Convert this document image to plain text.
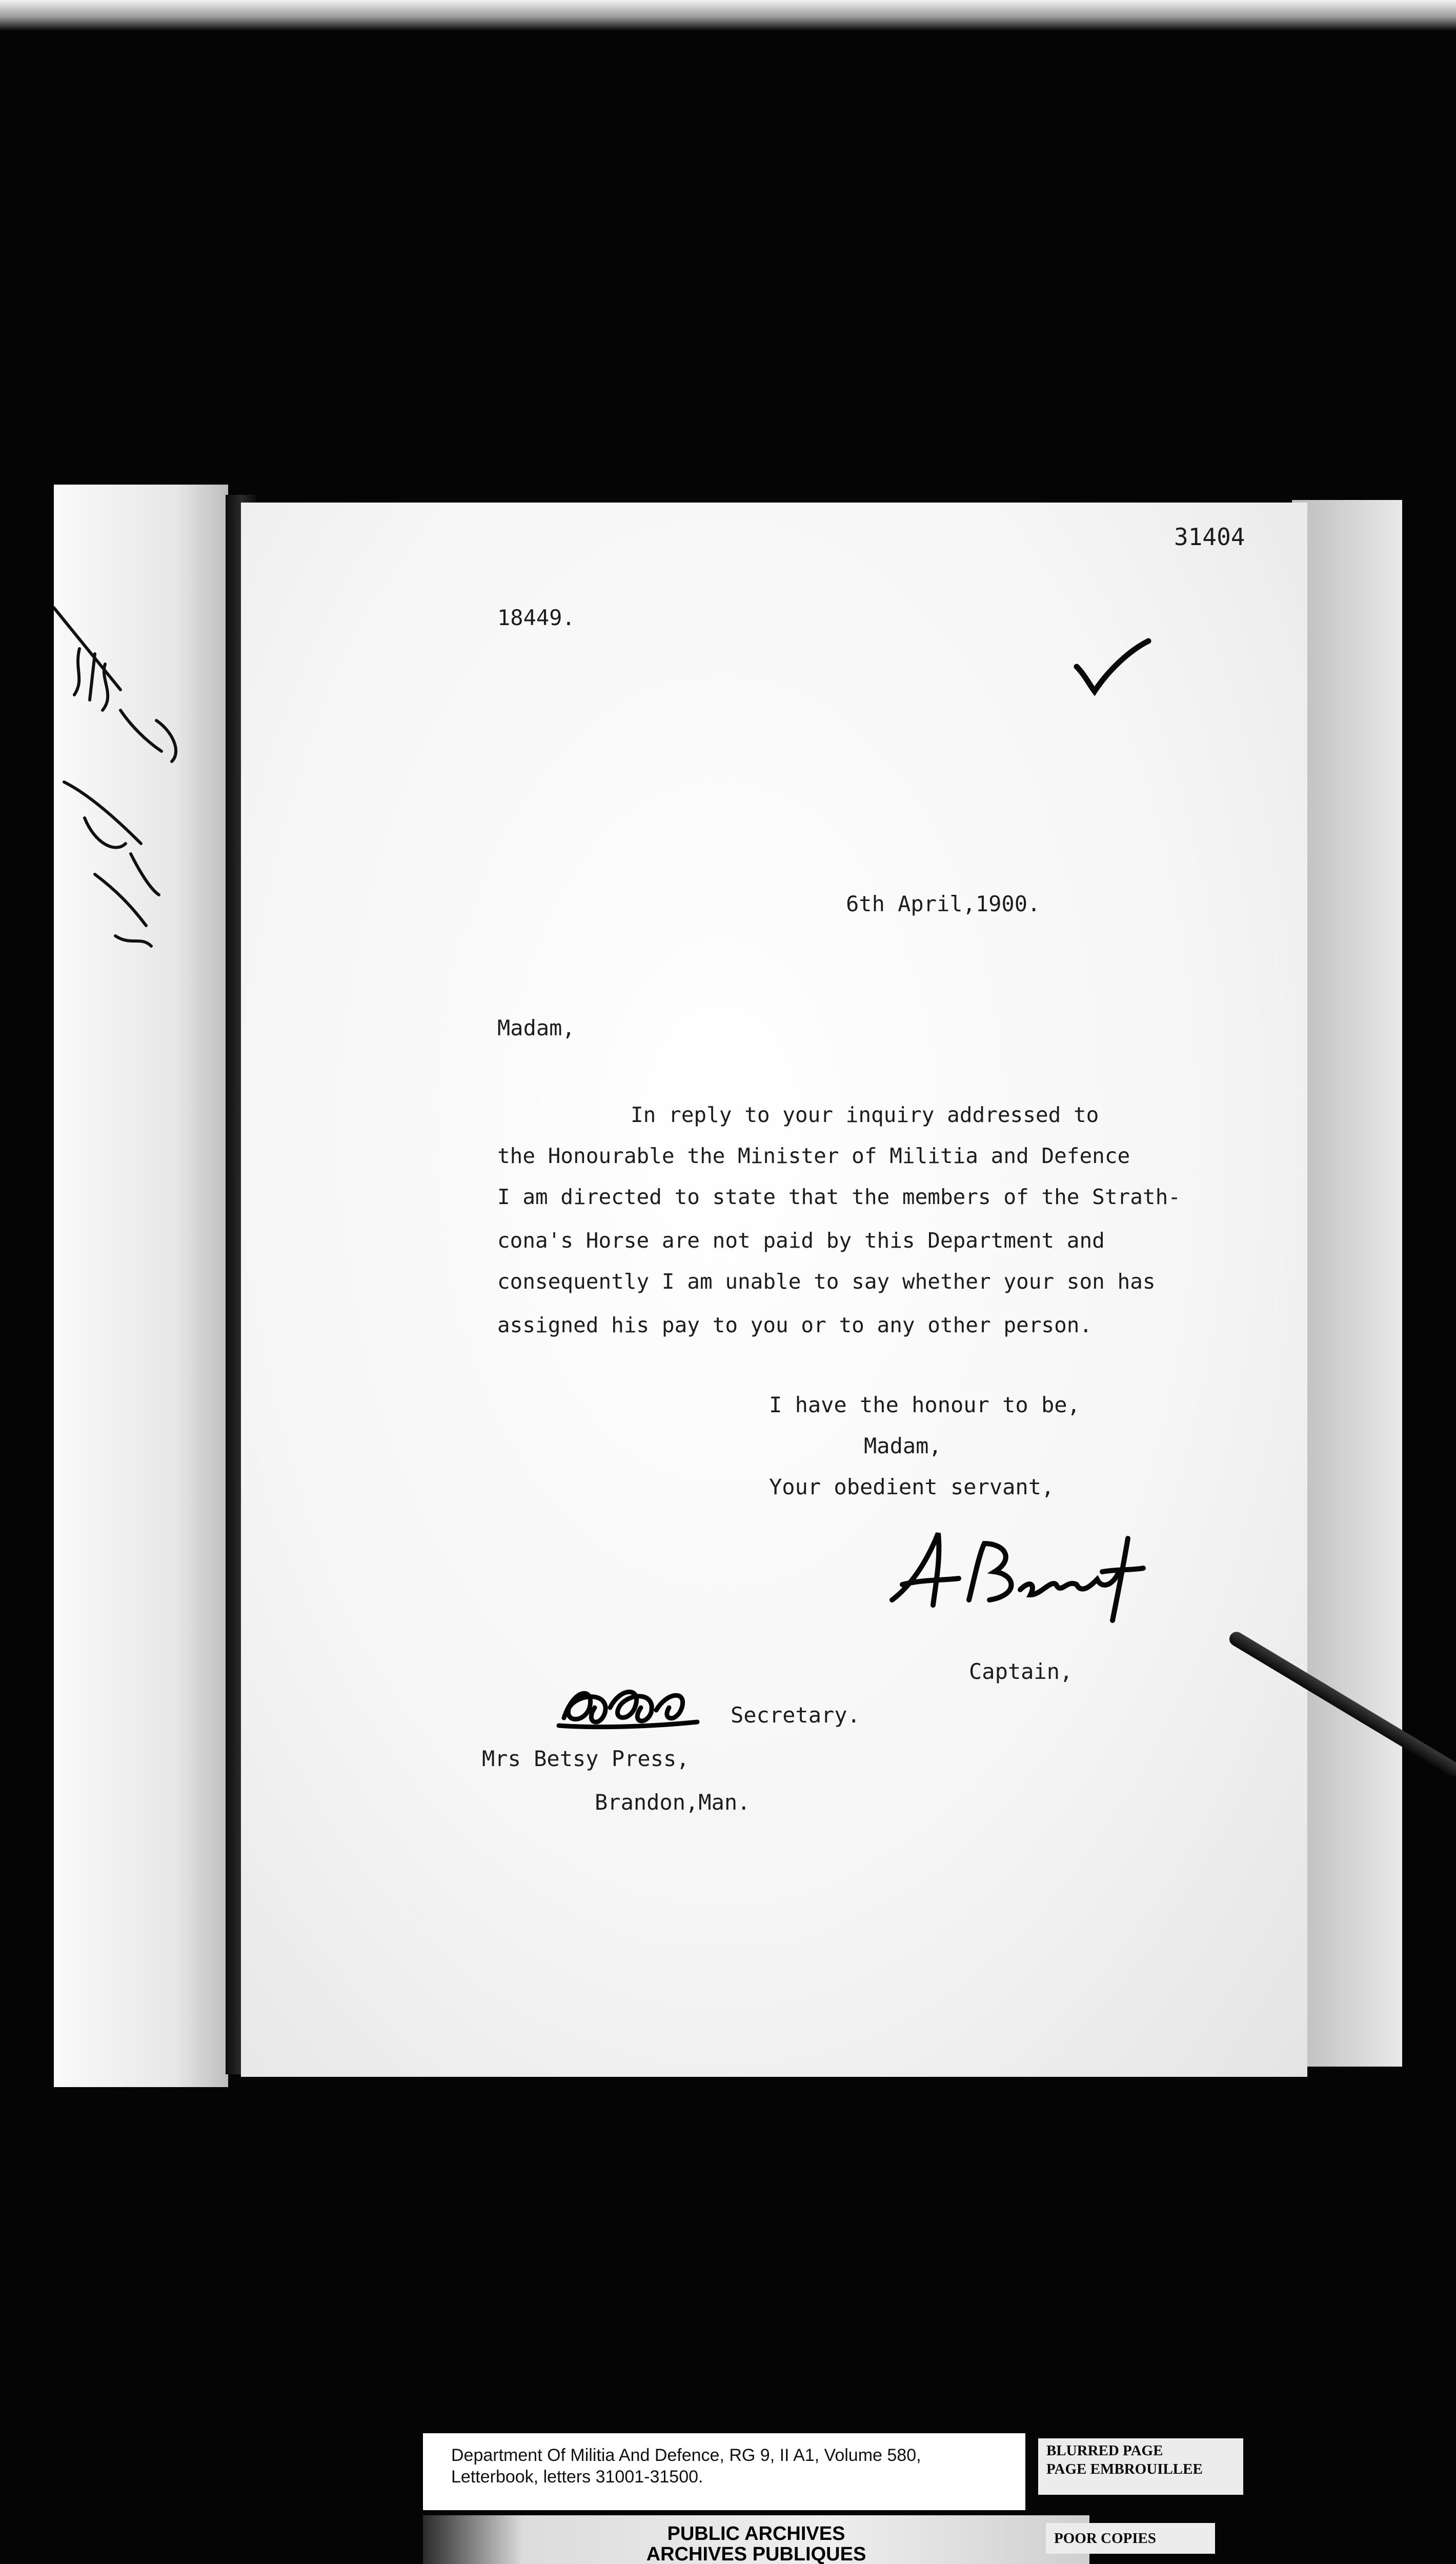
31404
18449.
6th April,1900.
Madam,
In reply to your inquiry addressed to
the Honourable the Minister of Militia and Defence
I am directed to state that the members of the Strath-
cona's Horse are not paid by this Department and
consequently I am unable to say whether your son has
assigned his pay to you or to any other person.
I have the honour to be,
Madam,
Your obedient servant,
Captain,
Secretary.
Mrs Betsy Press,
Brandon,Man.
Department Of Militia And Defence, RG 9, II A1, Volume 580,
Letterbook, letters 31001-31500.
PUBLIC ARCHIVES
ARCHIVES PUBLIQUES
BLURRED PAGE
PAGE EMBROUILLEE
POOR COPIES
